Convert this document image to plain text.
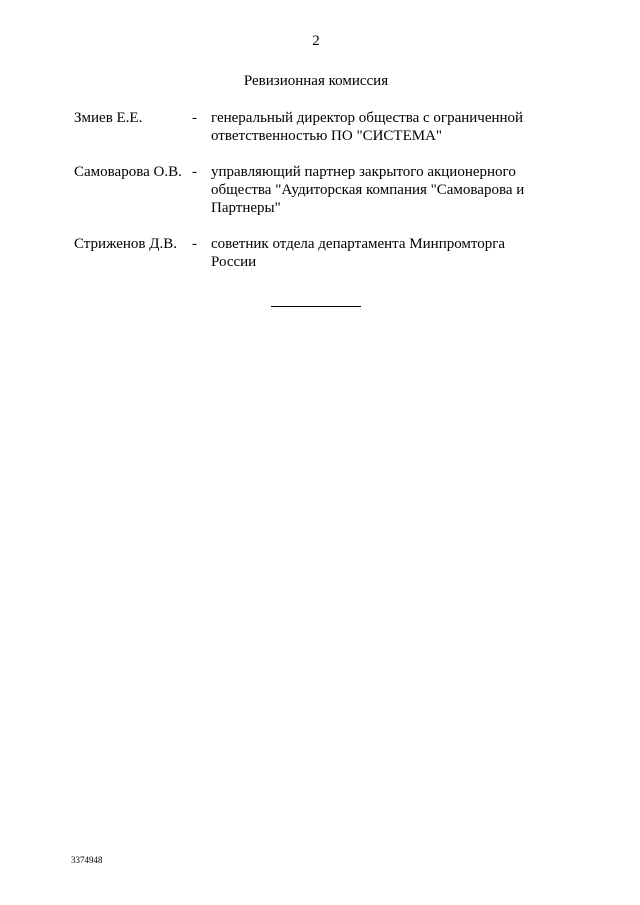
2
Ревизионная комиссия
Змиев Е.Е.	- генеральный директор общества с ограниченной
ответственностью ПО "СИСТЕМА"
Самоварова О.В. - управляющий партнер закрытого акционерного
общества "Аудиторская компания "Самоварова и
Партнеры"
Стриженов Д.В.	- советник отдела департамента Минпромторга России
3374948
